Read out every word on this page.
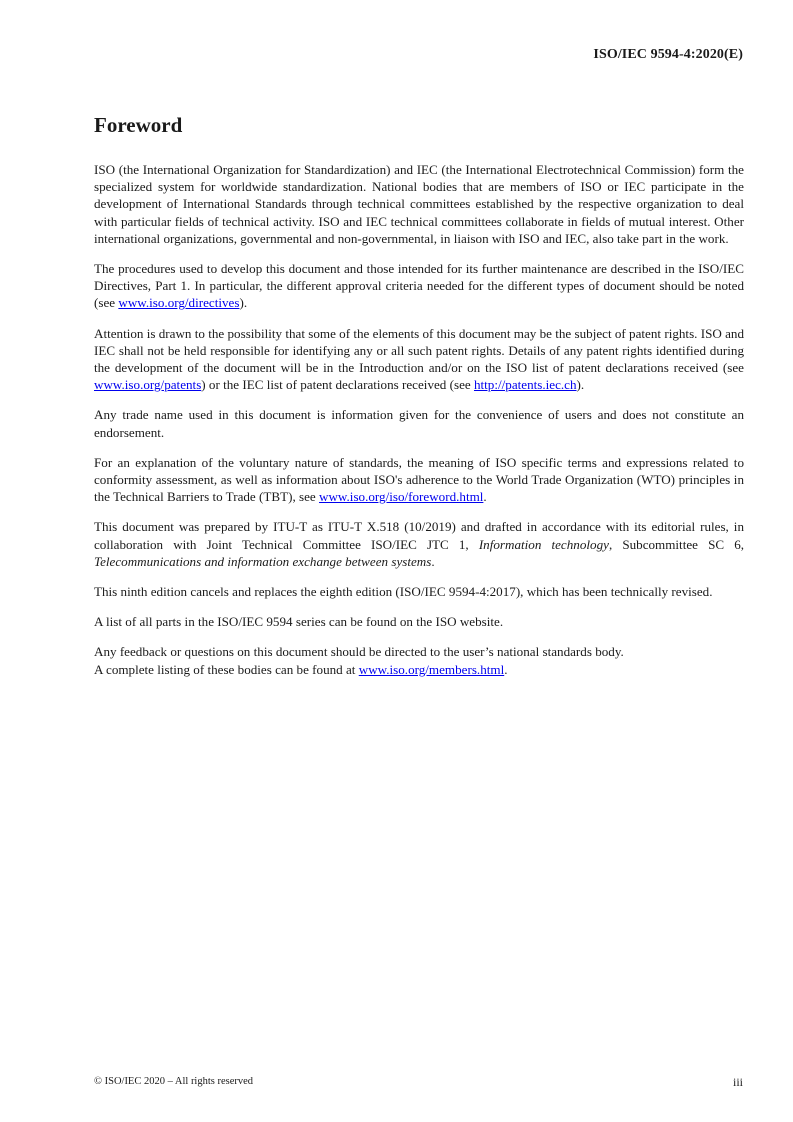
ISO/IEC 9594-4:2020(E)
Foreword

ISO (the International Organization for Standardization) and IEC (the International Electrotechnical Commission) form the specialized system for worldwide standardization. National bodies that are members of ISO or IEC participate in the development of International Standards through technical committees established by the respective organization to deal with particular fields of technical activity. ISO and IEC technical committees collaborate in fields of mutual interest. Other international organizations, governmental and non-governmental, in liaison with ISO and IEC, also take part in the work.

The procedures used to develop this document and those intended for its further maintenance are described in the ISO/IEC Directives, Part 1. In particular, the different approval criteria needed for the different types of document should be noted (see www.iso.org/directives).

Attention is drawn to the possibility that some of the elements of this document may be the subject of patent rights. ISO and IEC shall not be held responsible for identifying any or all such patent rights. Details of any patent rights identified during the development of the document will be in the Introduction and/or on the ISO list of patent declarations received (see www.iso.org/patents) or the IEC list of patent declarations received (see http://patents.iec.ch).

Any trade name used in this document is information given for the convenience of users and does not constitute an endorsement.

For an explanation of the voluntary nature of standards, the meaning of ISO specific terms and expressions related to conformity assessment, as well as information about ISO's adherence to the World Trade Organization (WTO) principles in the Technical Barriers to Trade (TBT), see www.iso.org/iso/foreword.html.

This document was prepared by ITU-T as ITU-T X.518 (10/2019) and drafted in accordance with its editorial rules, in collaboration with Joint Technical Committee ISO/IEC JTC 1, Information technology, Subcommittee SC 6, Telecommunications and information exchange between systems.

This ninth edition cancels and replaces the eighth edition (ISO/IEC 9594-4:2017), which has been technically revised.

A list of all parts in the ISO/IEC 9594 series can be found on the ISO website.

Any feedback or questions on this document should be directed to the user’s national standards body.
A complete listing of these bodies can be found at www.iso.org/members.html.

© ISO/IEC 2020 – All rights reserved	iii
